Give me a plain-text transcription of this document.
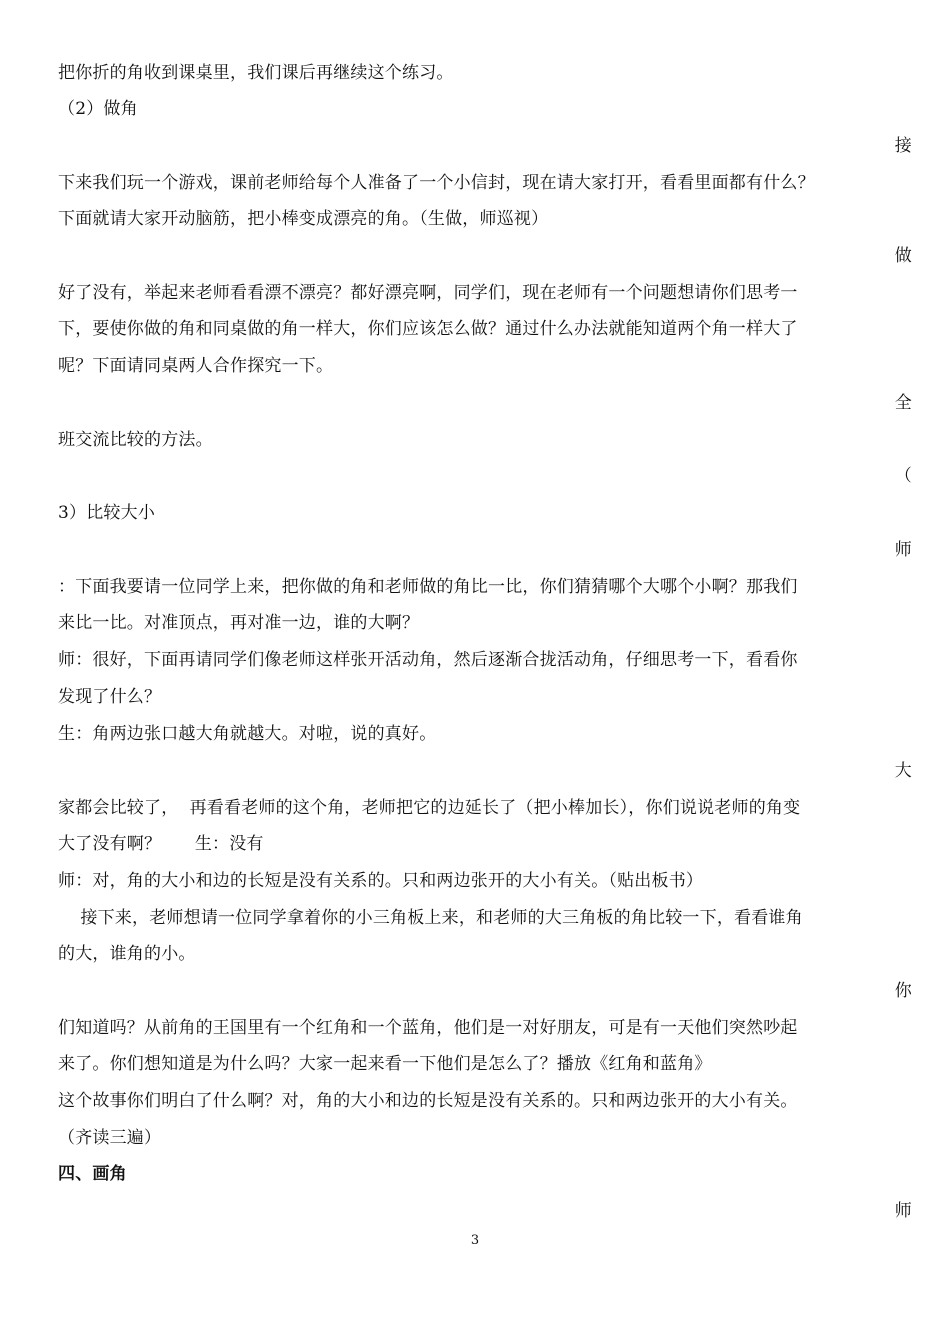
把你折的角收到课桌里，我们课后再继续这个练习。
（2）做角
接
下来我们玩一个游戏，课前老师给每个人准备了一个小信封，现在请大家打开，看看里面都有什么？
下面就请大家开动脑筋，把小棒变成漂亮的角。（生做，师巡视）
做
好了没有，举起来老师看看漂不漂亮？都好漂亮啊，同学们，现在老师有一个问题想请你们思考一
下，要使你做的角和同桌做的角一样大，你们应该怎么做？通过什么办法就能知道两个角一样大了
呢？下面请同桌两人合作探究一下。
全
班交流比较的方法。
（
3）比较大小
师
：下面我要请一位同学上来，把你做的角和老师做的角比一比，你们猜猜哪个大哪个小啊？那我们
来比一比。对准顶点，再对准一边，谁的大啊？
师：很好，下面再请同学们像老师这样张开活动角，然后逐渐合拢活动角，仔细思考一下，看看你
发现了什么？
生：角两边张口越大角就越大。对啦，说的真好。
大
家都会比较了，  再看看老师的这个角，老师把它的边延长了（把小棒加长），你们说说老师的角变
大了没有啊？      生：没有
师：对，角的大小和边的长短是没有关系的。只和两边张开的大小有关。（贴出板书）
接下来，老师想请一位同学拿着你的小三角板上来，和老师的大三角板的角比较一下，看看谁角
的大，谁角的小。
你
们知道吗？从前角的王国里有一个红角和一个蓝角，他们是一对好朋友，可是有一天他们突然吵起
来了。你们想知道是为什么吗？大家一起来看一下他们是怎么了？播放《红角和蓝角》
这个故事你们明白了什么啊？对，角的大小和边的长短是没有关系的。只和两边张开的大小有关。
（齐读三遍）
四、画角
师
3
